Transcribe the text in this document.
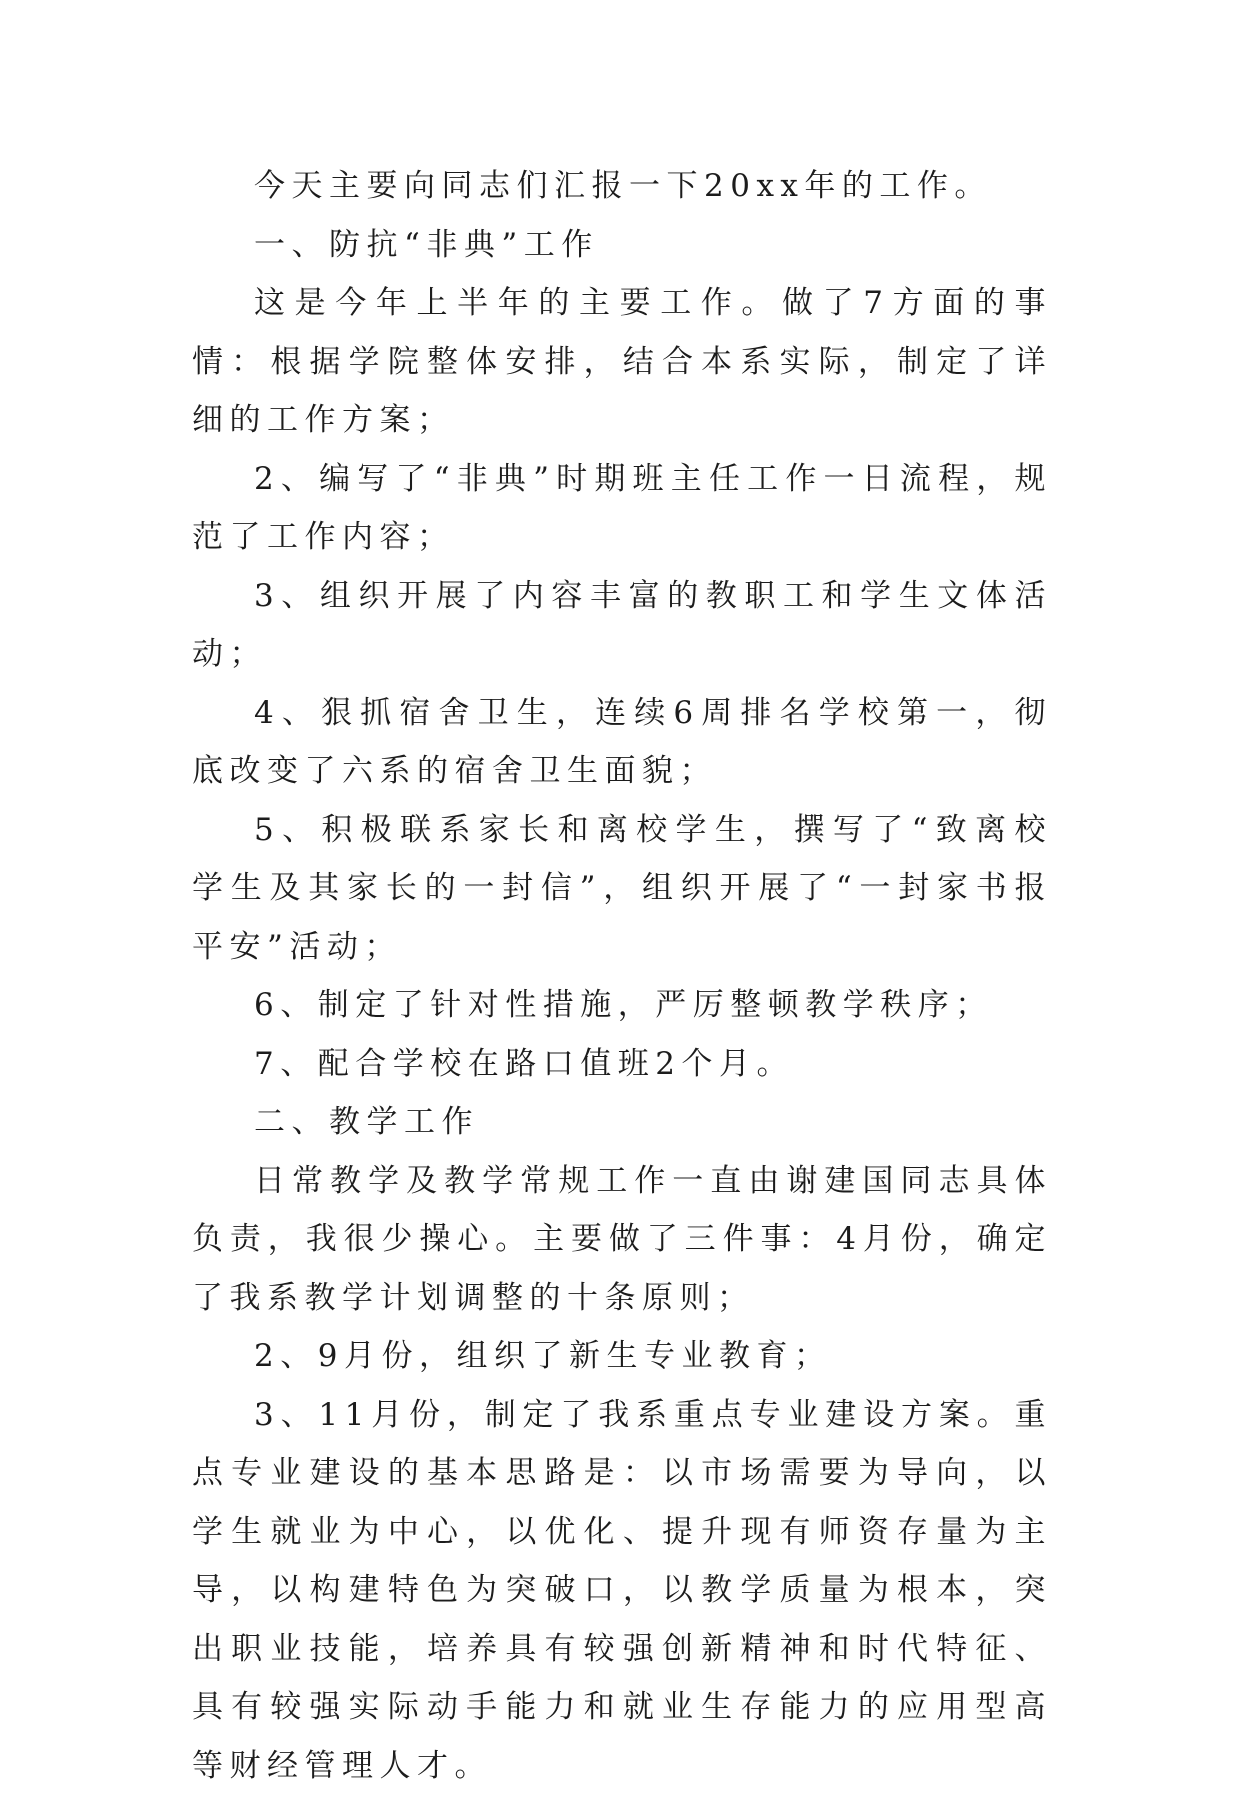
今天主要向同志们汇报一下20xx年的工作。

一、防抗“非典”工作

这是今年上半年的主要工作。做了7方面的事情：根据学院整体安排，结合本系实际，制定了详细的工作方案；

2、编写了“非典”时期班主任工作一日流程，规范了工作内容；

3、组织开展了内容丰富的教职工和学生文体活动；

4、狠抓宿舍卫生，连续6周排名学校第一，彻底改变了六系的宿舍卫生面貌；

5、积极联系家长和离校学生，撰写了“致离校学生及其家长的一封信”，组织开展了“一封家书报平安”活动；

6、制定了针对性措施，严厉整顿教学秩序；

7、配合学校在路口值班2个月。

二、教学工作

日常教学及教学常规工作一直由谢建国同志具体负责，我很少操心。主要做了三件事：4月份，确定了我系教学计划调整的十条原则；

2、9月份，组织了新生专业教育；

3、11月份，制定了我系重点专业建设方案。重点专业建设的基本思路是：以市场需要为导向，以学生就业为中心，以优化、提升现有师资存量为主导，以构建特色为突破口，以教学质量为根本，突出职业技能，培养具有较强创新精神和时代特征、具有较强实际动手能力和就业生存能力的应用型高等财经管理人才。
